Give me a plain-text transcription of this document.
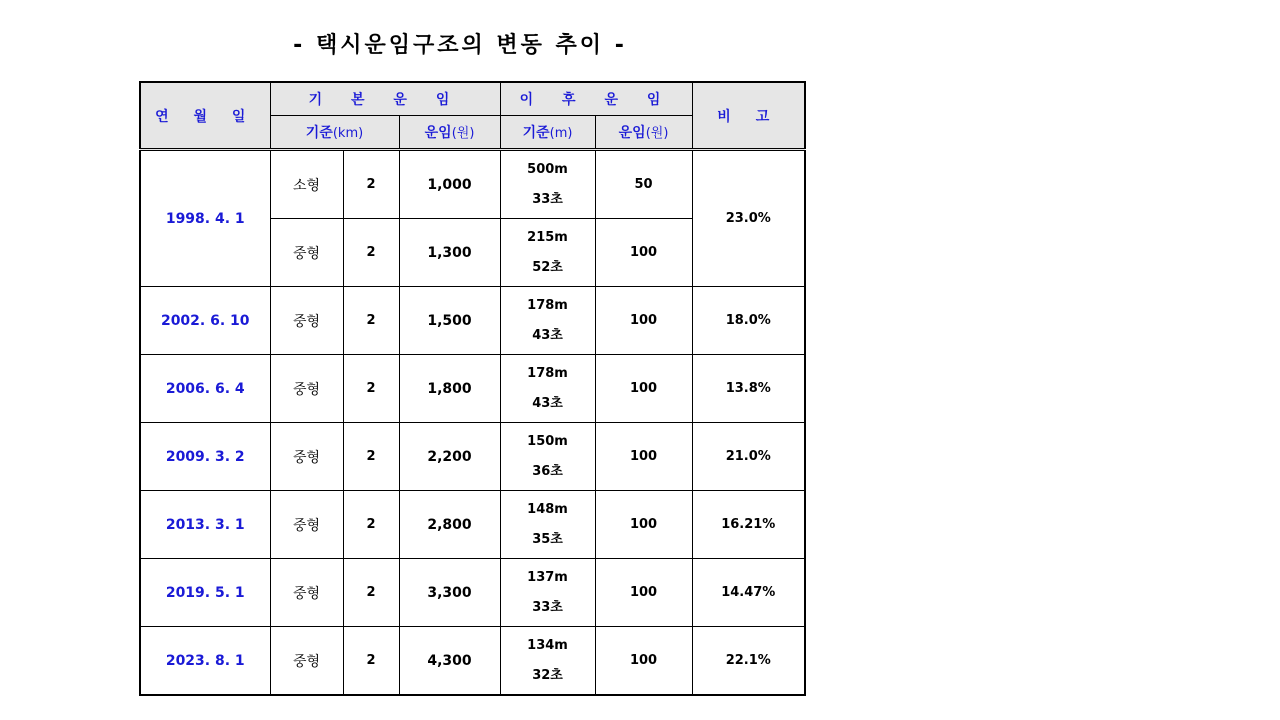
- 택시운임구조의 변동 추이 -
연 월 일	기 본 운 임			이 후 운 임		비 고
	기준(km)		운임(원)	기준(m)	운임(원)	
1998. 4. 1	소형	2	1,000	500m
33초	50	23.0%
	중형	2	1,300	215m
52초	100	
2002. 6. 10	중형	2	1,500	178m
43초	100	18.0%
2006. 6. 4	중형	2	1,800	178m
43초	100	13.8%
2009. 3. 2	중형	2	2,200	150m
36초	100	21.0%
2013. 3. 1	중형	2	2,800	148m
35초	100	16.21%
2019. 5. 1	중형	2	3,300	137m
33초	100	14.47%
2023. 8. 1	중형	2	4,300	134m
32초	100	22.1%
